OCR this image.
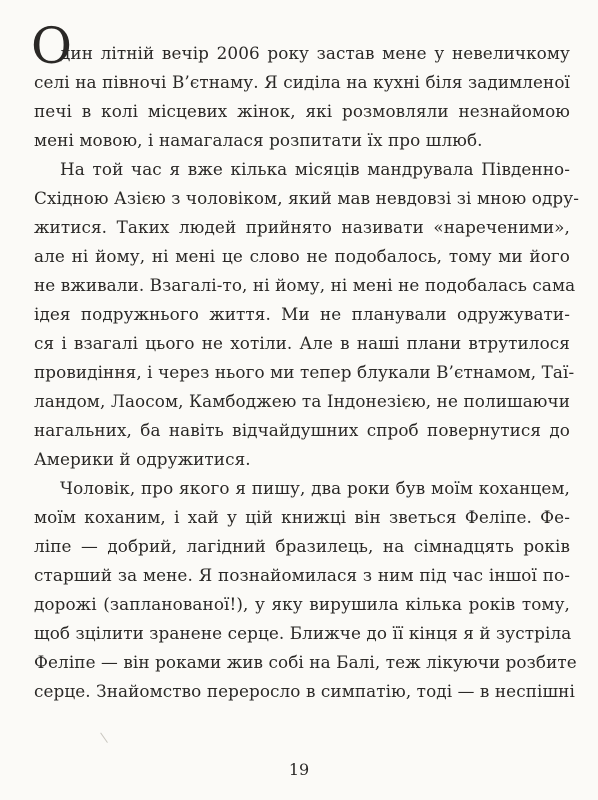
О
дин літній вечір 2006 року застав мене у невеличкому
селі на півночі В’єтнаму. Я сиділа на кухні біля задимленої
печі в колі місцевих жінок, які розмовляли незнайомою
мені мовою, і намагалася розпитати їх про шлюб.
На той час я вже кілька місяців мандрувала Південно-
Східною Азією з чоловіком, який мав невдовзі зі мною одру-
житися. Таких людей прийнято називати «нареченими»,
але ні йому, ні мені це слово не подобалось, тому ми його
не вживали. Взагалі-то, ні йому, ні мені не подобалась сама
ідея подружнього життя. Ми не планували одружувати-
ся і взагалі цього не хотіли. Але в наші плани втрутилося
провидіння, і через нього ми тепер блукали В’єтнамом, Таї-
ландом, Лаосом, Камбоджею та Індонезією, не полишаючи
нагальних, ба навіть відчайдушних спроб повернутися до
Америки й одружитися.
Чоловік, про якого я пишу, два роки був моїм коханцем,
моїм коханим, і хай у цій книжці він зветься Феліпе. Фе-
ліпе — добрий, лагідний бразилець, на сімнадцять років
старший за мене. Я познайомилася з ним під час іншої по-
дорожі (запланованої!), у яку вирушила кілька років тому,
щоб зцілити зранене серце. Ближче до її кінця я й зустріла
Феліпе — він роками жив собі на Балі, теж лікуючи розбите
серце. Знайомство переросло в симпатію, тоді — в неспішні
19
